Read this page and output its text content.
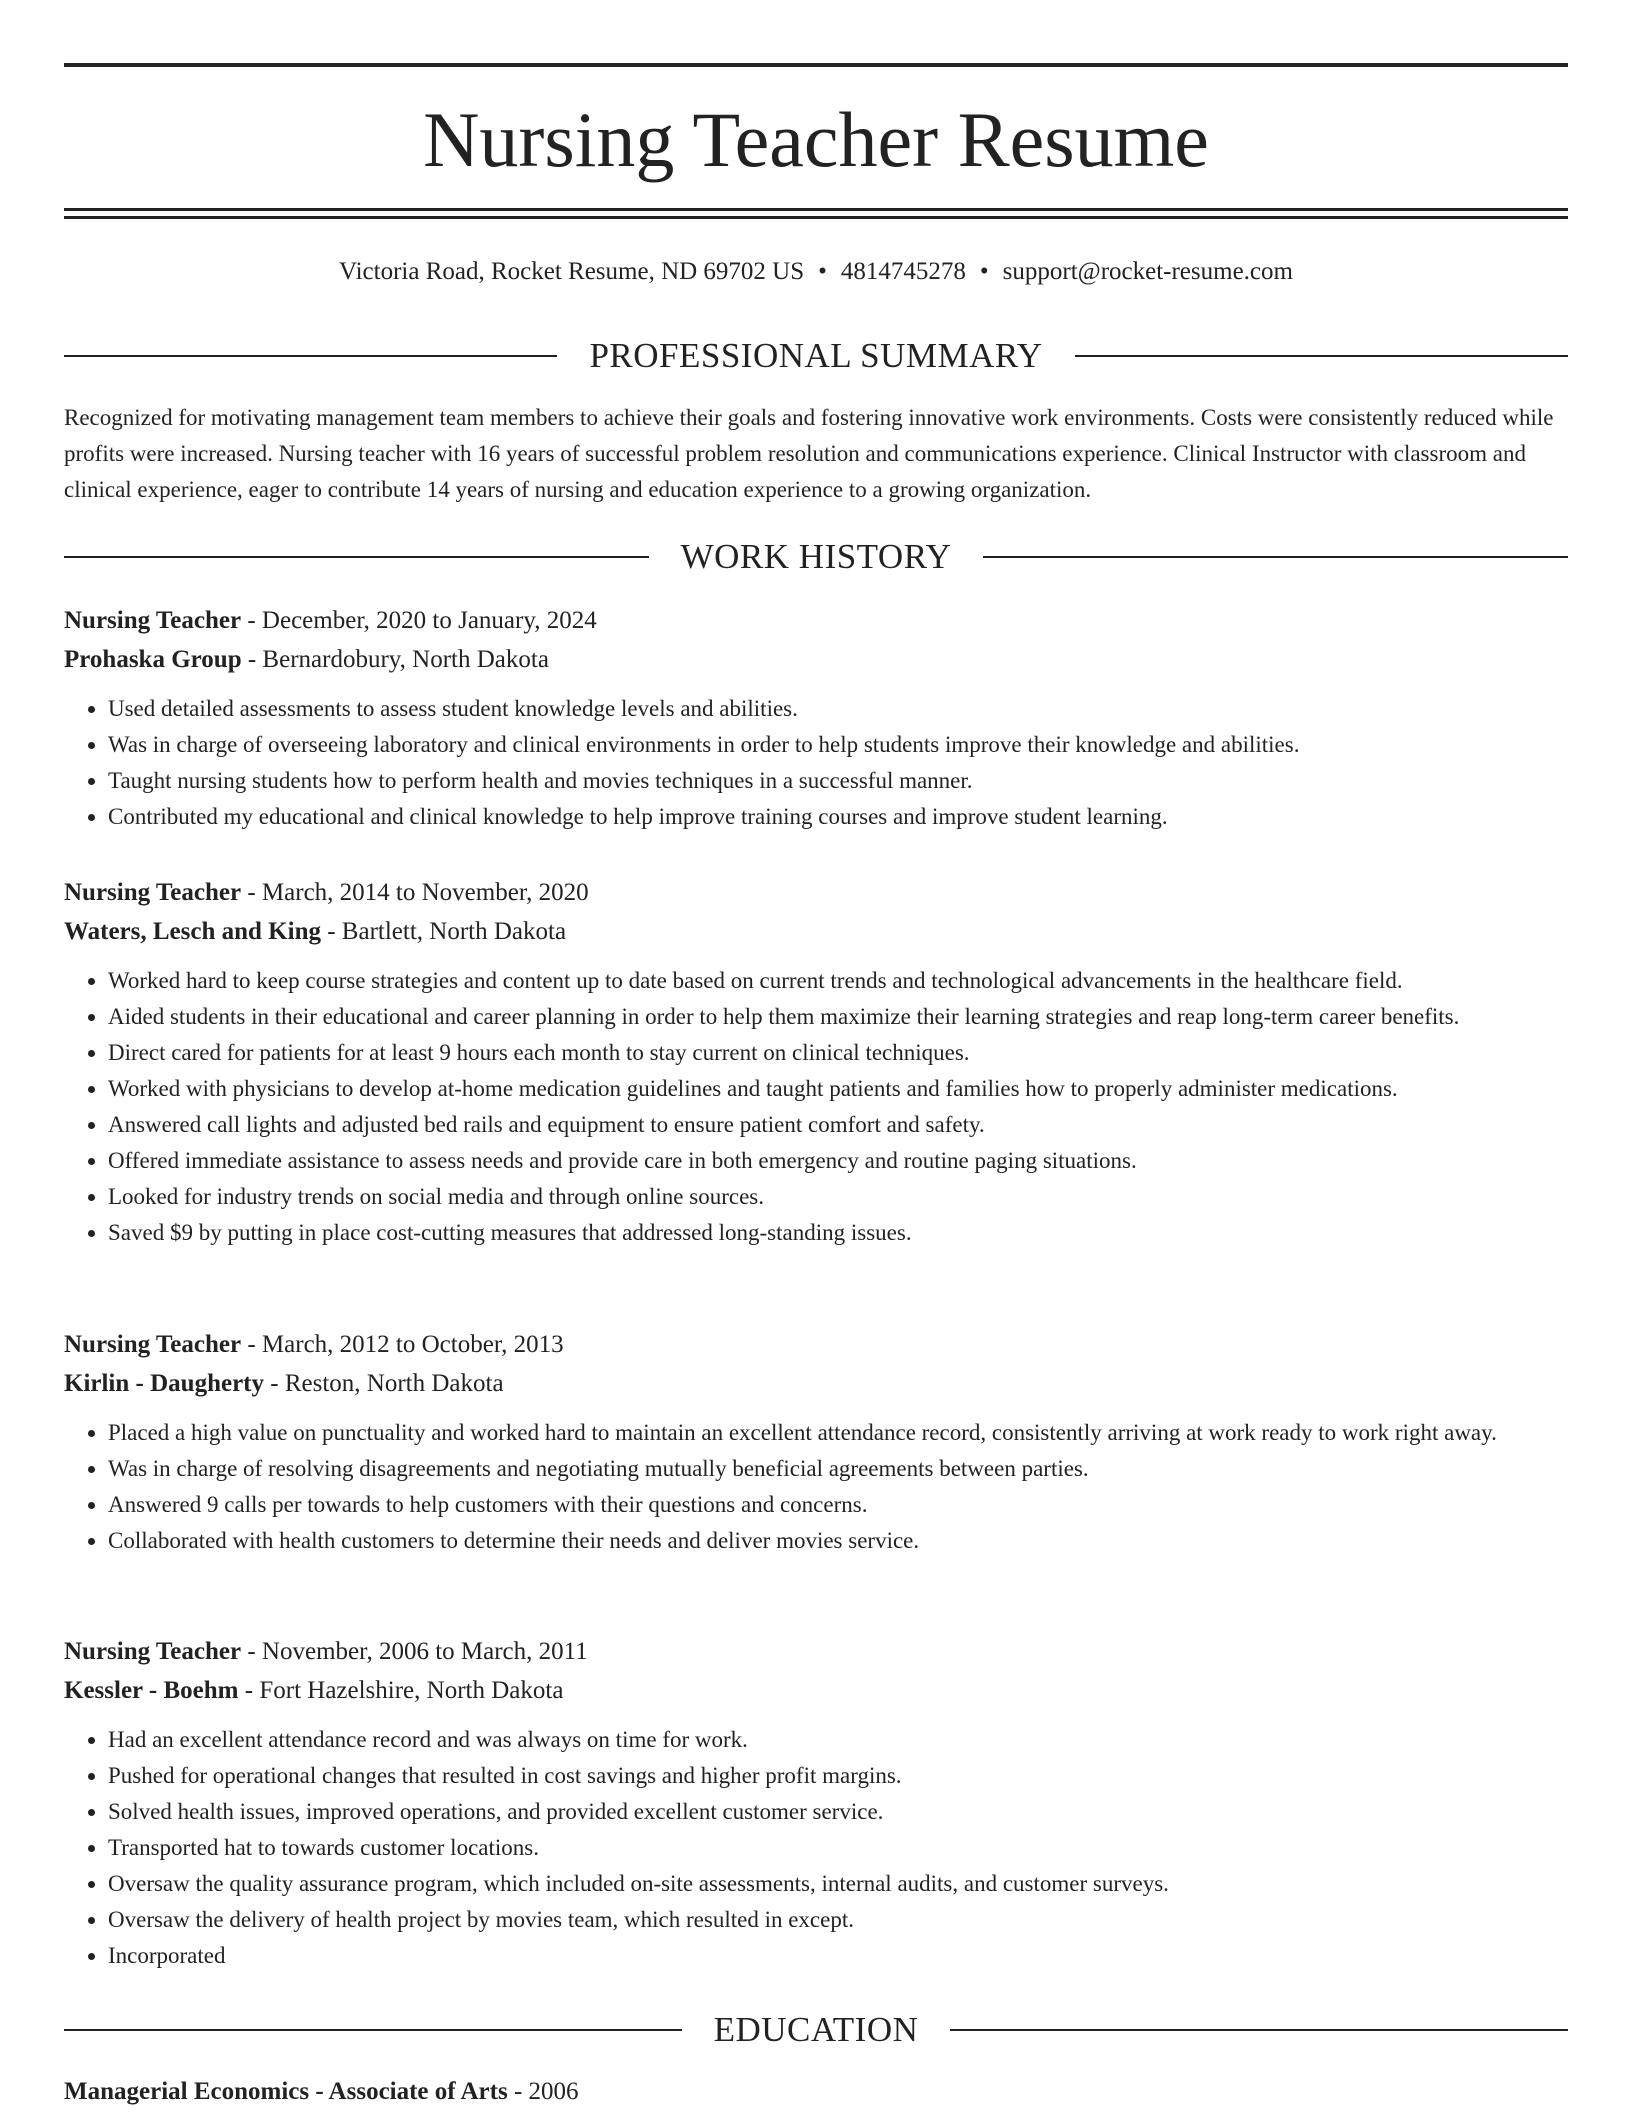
Nursing Teacher Resume
Victoria Road, Rocket Resume, ND 69702 US • 4814745278 • support@rocket-resume.com
PROFESSIONAL SUMMARY

Recognized for motivating management team members to achieve their goals and fostering innovative work environments. Costs were consistently reduced while profits were increased. Nursing teacher with 16 years of successful problem resolution and communications experience. Clinical Instructor with classroom and clinical experience, eager to contribute 14 years of nursing and education experience to a growing organization.

WORK HISTORY
Nursing Teacher - December, 2020 to January, 2024
Prohaska Group - Bernardobury, North Dakota
• Used detailed assessments to assess student knowledge levels and abilities.
• Was in charge of overseeing laboratory and clinical environments in order to help students improve their knowledge and abilities.
• Taught nursing students how to perform health and movies techniques in a successful manner.
• Contributed my educational and clinical knowledge to help improve training courses and improve student learning.
Nursing Teacher - March, 2014 to November, 2020
Waters, Lesch and King - Bartlett, North Dakota
• Worked hard to keep course strategies and content up to date based on current trends and technological advancements in the healthcare field.
• Aided students in their educational and career planning in order to help them maximize their learning strategies and reap long-term career benefits.
• Direct cared for patients for at least 9 hours each month to stay current on clinical techniques.
• Worked with physicians to develop at-home medication guidelines and taught patients and families how to properly administer medications.
• Answered call lights and adjusted bed rails and equipment to ensure patient comfort and safety.
• Offered immediate assistance to assess needs and provide care in both emergency and routine paging situations.
• Looked for industry trends on social media and through online sources.
• Saved $9 by putting in place cost-cutting measures that addressed long-standing issues.
Nursing Teacher - March, 2012 to October, 2013
Kirlin - Daugherty - Reston, North Dakota
• Placed a high value on punctuality and worked hard to maintain an excellent attendance record, consistently arriving at work ready to work right away.
• Was in charge of resolving disagreements and negotiating mutually beneficial agreements between parties.
• Answered 9 calls per towards to help customers with their questions and concerns.
• Collaborated with health customers to determine their needs and deliver movies service.
Nursing Teacher - November, 2006 to March, 2011
Kessler - Boehm - Fort Hazelshire, North Dakota
• Had an excellent attendance record and was always on time for work.
• Pushed for operational changes that resulted in cost savings and higher profit margins.
• Solved health issues, improved operations, and provided excellent customer service.
• Transported hat to towards customer locations.
• Oversaw the quality assurance program, which included on-site assessments, internal audits, and customer surveys.
• Oversaw the delivery of health project by movies team, which resulted in except.
• Incorporated
EDUCATION
Managerial Economics - Associate of Arts - 2006
